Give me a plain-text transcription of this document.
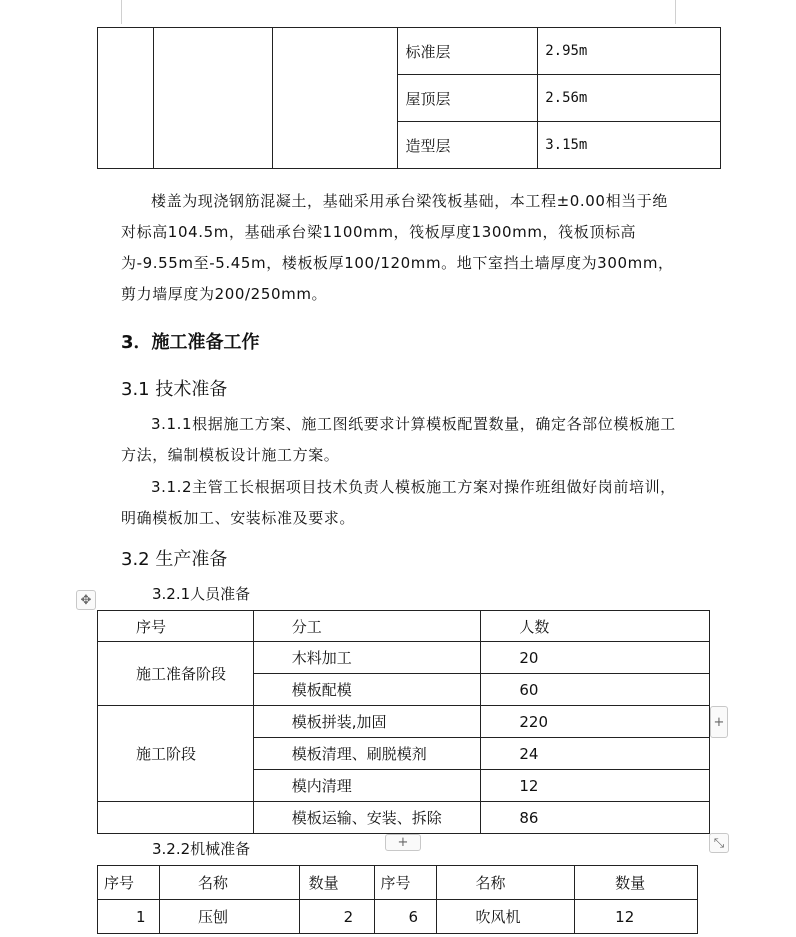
			标准层	2.95m
			屋顶层	2.56m
			造型层	3.15m

楼盖为现浇钢筋混凝土，基础采用承台梁筏板基础，本工程±0.00相当于绝对标高104.5m，基础承台梁1100mm，筏板厚度1300mm，筏板顶标高为-9.55m至-5.45m，楼板板厚100/120mm。地下室挡土墙厚度为300mm，剪力墙厚度为200/250mm。

3．施工准备工作
3.1 技术准备

3.1.1根据施工方案、施工图纸要求计算模板配置数量，确定各部位模板施工方法，编制模板设计施工方案。

3.1.2主管工长根据项目技术负责人模板施工方案对操作班组做好岗前培训，明确模板加工、安装标准及要求。

3.2 生产准备
3.2.1人员准备
✥
序号	分工	人数
施工准备阶段	木料加工	20
	模板配模	60
施工阶段	模板拼装,加固	220
	模板清理、刷脱模剂	24
	模内清理	12
	模板运输、安装、拆除	86
+
+	⤡
3.2.2机械准备
序号	名称	数量	序号	名称	数量
1	压刨	2	6	吹风机	12
